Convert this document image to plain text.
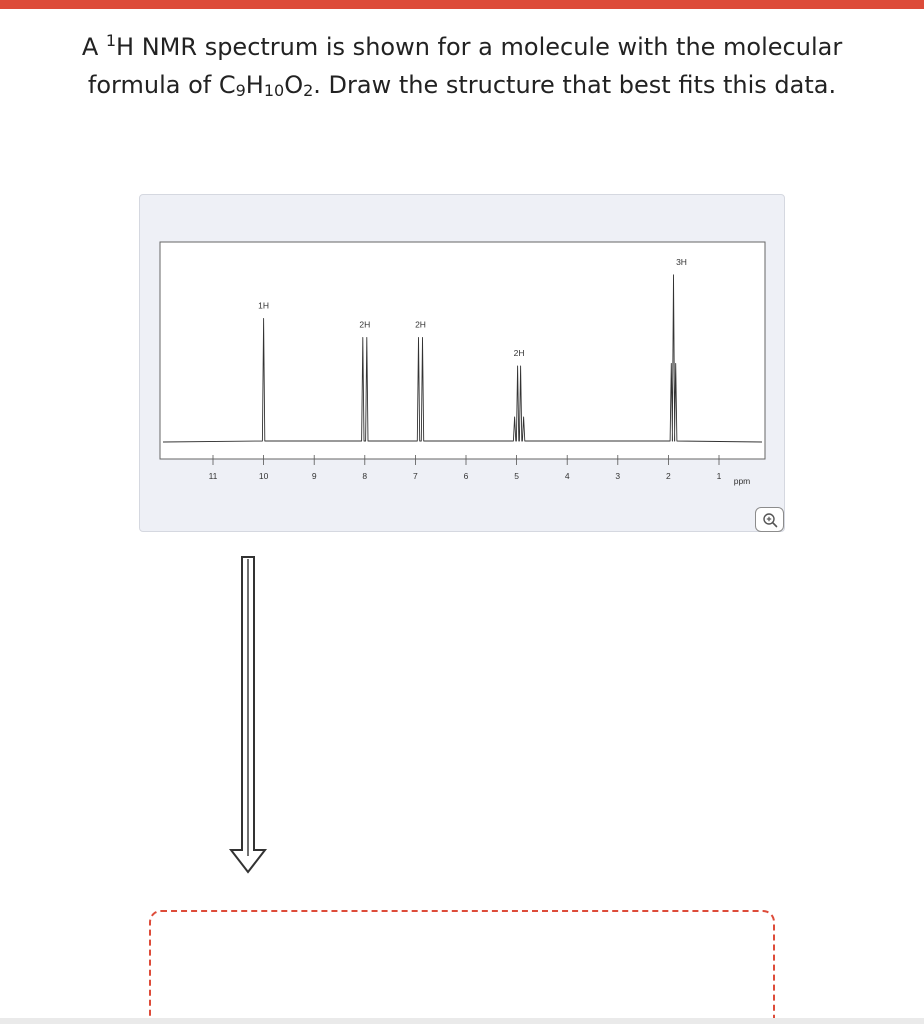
A $^1$H NMR spectrum is shown for a molecule with the molecular
formula of $C_9H_{10}O_2$. Draw the structure that best fits this data.
1H
2H	2H
2H
3H
11	10	9	8	7	6	5	4	3	2	1 ppm
